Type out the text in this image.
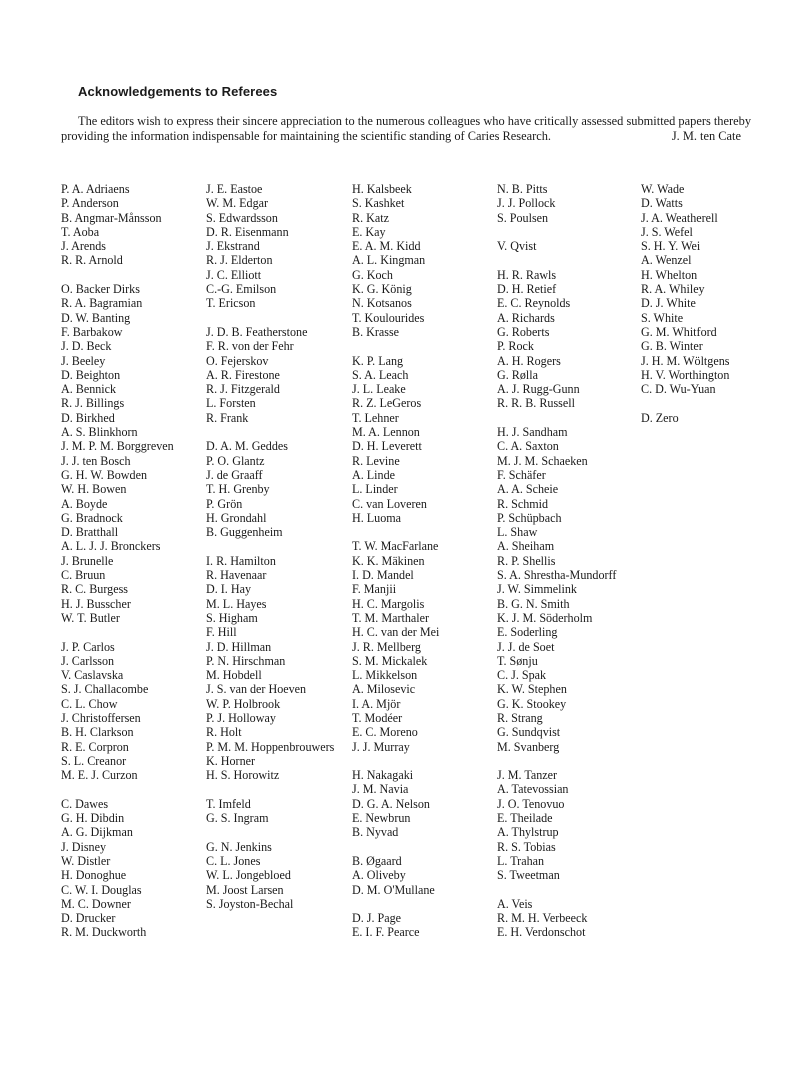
Acknowledgements to Referees
The editors wish to express their sincere appreciation to the numerous colleagues who have critically assessed submitted papers thereby
providing the information indispensable for maintaining the scientific standing of Caries Research.	J. M. ten Cate
P. A. Adriaens
P. Anderson
B. Angmar-Månsson
T. Aoba
J. Arends
R. R. Arnold
O. Backer Dirks
R. A. Bagramian
D. W. Banting
F. Barbakow
J. D. Beck
J. Beeley
D. Beighton
A. Bennick
R. J. Billings
D. Birkhed
A. S. Blinkhorn
J. M. P. M. Borggreven
J. J. ten Bosch
G. H. W. Bowden
W. H. Bowen
A. Boyde
G. Bradnock
D. Bratthall
A. L. J. J. Bronckers
J. Brunelle
C. Bruun
R. C. Burgess
H. J. Busscher
W. T. Butler
J. P. Carlos
J. Carlsson
V. Caslavska
S. J. Challacombe
C. L. Chow
J. Christoffersen
B. H. Clarkson
R. E. Corpron
S. L. Creanor
M. E. J. Curzon
C. Dawes
G. H. Dibdin
A. G. Dijkman
J. Disney
W. Distler
H. Donoghue
C. W. I. Douglas
M. C. Downer
D. Drucker
R. M. Duckworth
J. E. Eastoe
W. M. Edgar
S. Edwardsson
D. R. Eisenmann
J. Ekstrand
R. J. Elderton
J. C. Elliott
C.-G. Emilson
T. Ericson
J. D. B. Featherstone
F. R. von der Fehr
O. Fejerskov
A. R. Firestone
R. J. Fitzgerald
L. Forsten
R. Frank
D. A. M. Geddes
P. O. Glantz
J. de Graaff
T. H. Grenby
P. Grön
H. Grondahl
B. Guggenheim
I. R. Hamilton
R. Havenaar
D. I. Hay
M. L. Hayes
S. Higham
F. Hill
J. D. Hillman
P. N. Hirschman
M. Hobdell
J. S. van der Hoeven
W. P. Holbrook
P. J. Holloway
R. Holt
P. M. M. Hoppenbrouwers
K. Horner
H. S. Horowitz
T. Imfeld
G. S. Ingram
G. N. Jenkins
C. L. Jones
W. L. Jongebloed
M. Joost Larsen
S. Joyston-Bechal
H. Kalsbeek
S. Kashket
R. Katz
E. Kay
E. A. M. Kidd
A. L. Kingman
G. Koch
K. G. König
N. Kotsanos
T. Koulourides
B. Krasse
K. P. Lang
S. A. Leach
J. L. Leake
R. Z. LeGeros
T. Lehner
M. A. Lennon
D. H. Leverett
R. Levine
A. Linde
L. Linder
C. van Loveren
H. Luoma
T. W. MacFarlane
K. K. Mäkinen
I. D. Mandel
F. Manjii
H. C. Margolis
T. M. Marthaler
H. C. van der Mei
J. R. Mellberg
S. M. Mickalek
L. Mikkelson
A. Milosevic
I. A. Mjör
T. Modéer
E. C. Moreno
J. J. Murray
H. Nakagaki
J. M. Navia
D. G. A. Nelson
E. Newbrun
B. Nyvad
B. Øgaard
A. Oliveby
D. M. O'Mullane
D. J. Page
E. I. F. Pearce
N. B. Pitts
J. J. Pollock
S. Poulsen
V. Qvist
H. R. Rawls
D. H. Retief
E. C. Reynolds
A. Richards
G. Roberts
P. Rock
A. H. Rogers
G. Rølla
A. J. Rugg-Gunn
R. R. B. Russell
H. J. Sandham
C. A. Saxton
M. J. M. Schaeken
F. Schäfer
A. A. Scheie
R. Schmid
P. Schüpbach
L. Shaw
A. Sheiham
R. P. Shellis
S. A. Shrestha-Mundorff
J. W. Simmelink
B. G. N. Smith
K. J. M. Söderholm
E. Soderling
J. J. de Soet
T. Sønju
C. J. Spak
K. W. Stephen
G. K. Stookey
R. Strang
G. Sundqvist
M. Svanberg
J. M. Tanzer
A. Tatevossian
J. O. Tenovuo
E. Theilade
A. Thylstrup
R. S. Tobias
L. Trahan
S. Tweetman
A. Veis
R. M. H. Verbeeck
E. H. Verdonschot
W. Wade
D. Watts
J. A. Weatherell
J. S. Wefel
S. H. Y. Wei
A. Wenzel
H. Whelton
R. A. Whiley
D. J. White
S. White
G. M. Whitford
G. B. Winter
J. H. M. Wöltgens
H. V. Worthington
C. D. Wu-Yuan
D. Zero
